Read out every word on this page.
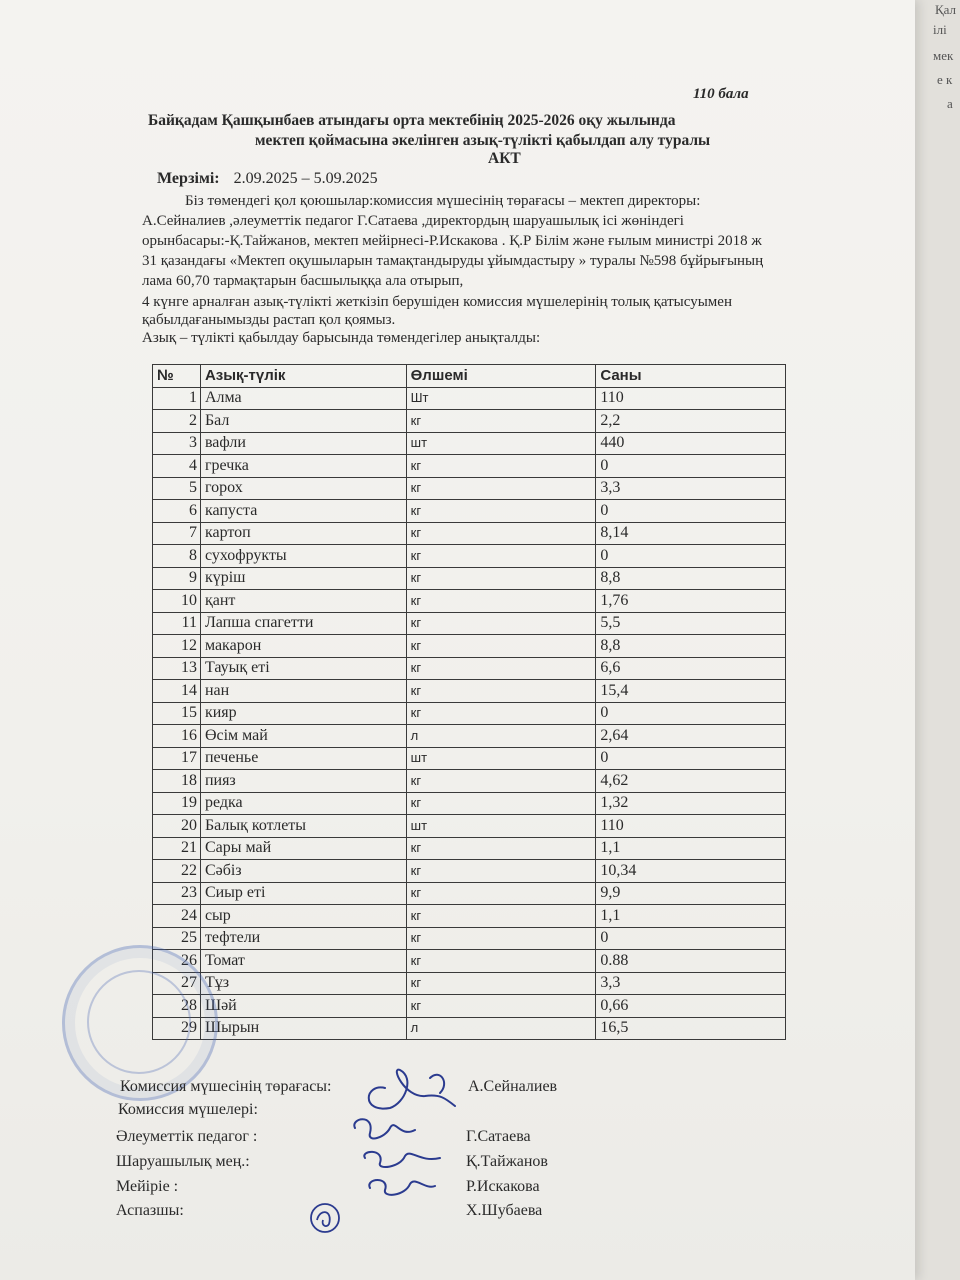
Қал
ілі
мек
е к
а
110 бала
Байқадам Қашқынбаев атындағы орта мектебінің 2025-2026 оқу жылында
мектеп қоймасына әкелінген азық-түлікті қабылдап алу туралы
АКТ
Мерзімі: 2.09.2025 – 5.09.2025
Біз төмендегі қол қоюшылар:комиссия мүшесінің төрағасы – мектеп директоры:
А.Сейналиев ,әлеуметтік педагог Г.Сатаева ,директордың шаруашылық ісі жөніндегі
орынбасары:-Қ.Тайжанов, мектеп мейірнесі-Р.Искакова . Қ.Р Білім және ғылым министрі 2018 ж
31 қазандағы «Мектеп оқушыларын тамақтандыруды ұйымдастыру » туралы №598 бұйрығының
лама 60,70 тармақтарын басшылыққа ала отырып,
4 күнге арналған азық-түлікті жеткізіп берушіден комиссия мүшелерінің толық қатысуымен
қабылдағанымызды растап қол қоямыз.
Азық – түлікті қабылдау барысында төмендегілер анықталды:
№	Азық-түлік	Өлшемі	Саны
1	Алма	Шт	110
2	Бал	кг	2,2
3	вафли	шт	440
4	гречка	кг	0
5	горох	кг	3,3
6	капуста	кг	0
7	картоп	кг	8,14
8	сухофрукты	кг	0
9	күріш	кг	8,8
10	қант	кг	1,76
11	Лапша спагетти	кг	5,5
12	макарон	кг	8,8
13	Тауық еті	кг	6,6
14	нан	кг	15,4
15	кияр	кг	0
16	Өсім май	л	2,64
17	печенье	шт	0
18	пияз	кг	4,62
19	редка	кг	1,32
20	Балық котлеты	шт	110
21	Сары май	кг	1,1
22	Сәбіз	кг	10,34
23	Сиыр еті	кг	9,9
24	сыр	кг	1,1
25	тефтели	кг	0
26	Томат	кг	0.88
27	Тұз	кг	3,3
28	Шәй	кг	0,66
29	Шырын	л	16,5
Комиссия мүшесінің төрағасы:	А.Сейналиев
Комиссия мүшелері:
Әлеуметтік педагог :	Г.Сатаева
Шаруашылық мең.:	Қ.Тайжанов
Мейіріе :	Р.Искакова
Аспазшы:	Х.Шубаева
